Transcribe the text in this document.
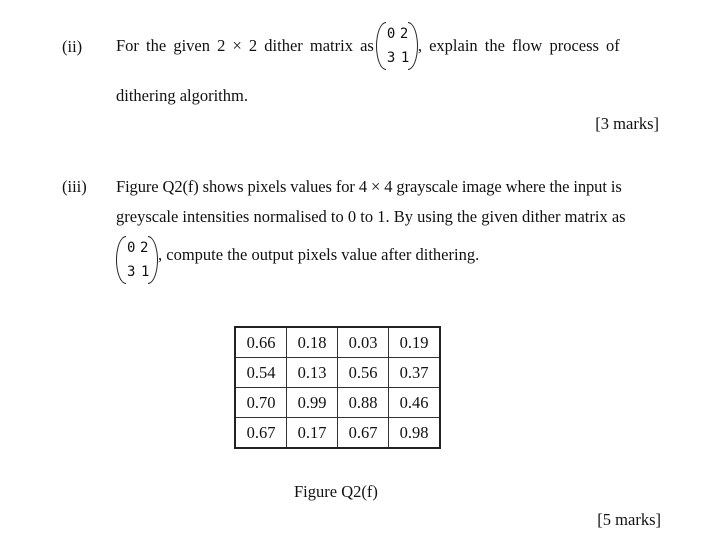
(ii) For the given 2 × 2 dither matrix as
0 2
3 1
, explain the flow process of
dithering algorithm.
[3 marks]
(iii) Figure Q2(f) shows pixels values for 4 × 4 grayscale image where the input is
greyscale intensities normalised to 0 to 1. By using the given dither matrix as
0 2
3 1
, compute the output pixels value after dithering.
0.66	0.18	0.03	0.19
0.54	0.13	0.56	0.37
0.70	0.99	0.88	0.46
0.67	0.17	0.67	0.98
Figure Q2(f)
[5 marks]
